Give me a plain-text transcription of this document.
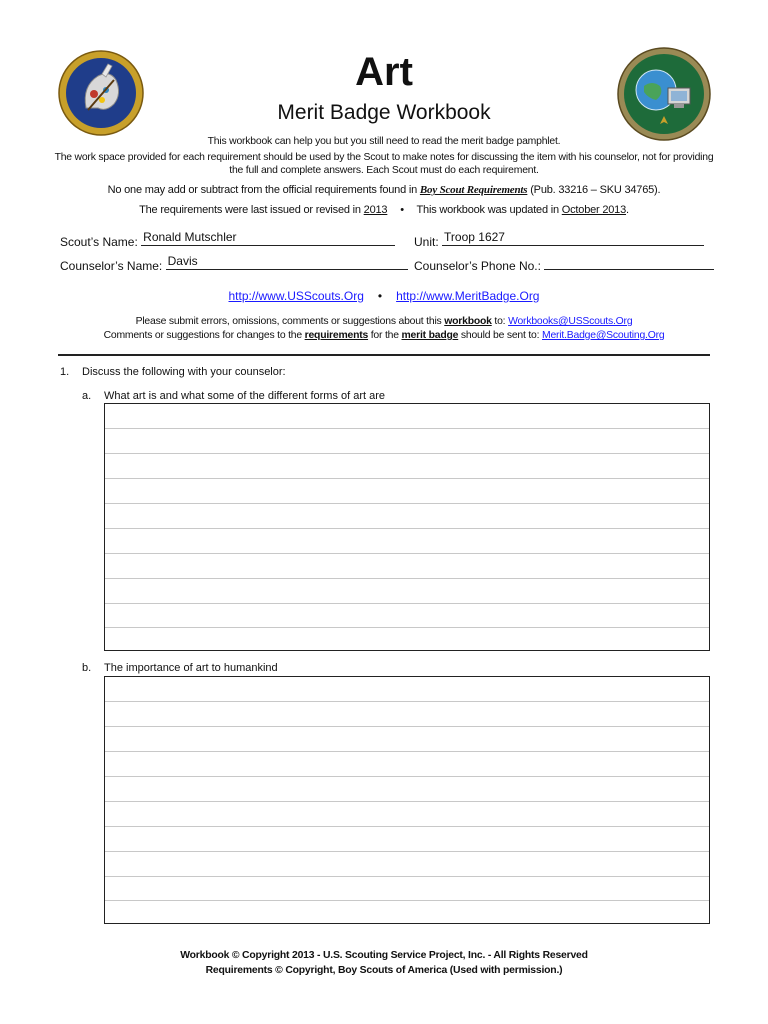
Art
Merit Badge Workbook
This workbook can help you but you still need to read the merit badge pamphlet.
The work space provided for each requirement should be used by the Scout to make notes for discussing the item with his counselor, not for providing the full and complete answers. Each Scout must do each requirement.
No one may add or subtract from the official requirements found in Boy Scout Requirements (Pub. 33216 – SKU 34765).
The requirements were last issued or revised in 2013 • This workbook was updated in October 2013.
Scout’s Name: Ronald Mutschler	Unit: Troop 1627
Counselor’s Name: Davis	Counselor’s Phone No.:
http://www.USScouts.Org • http://www.MeritBadge.Org
Please submit errors, omissions, comments or suggestions about this workbook to: Workbooks@USScouts.Org
Comments or suggestions for changes to the requirements for the merit badge should be sent to: Merit.Badge@Scouting.Org
1. Discuss the following with your counselor:
a. What art is and what some of the different forms of art are
b. The importance of art to humankind
Workbook © Copyright 2013 - U.S. Scouting Service Project, Inc. - All Rights Reserved
Requirements © Copyright, Boy Scouts of America (Used with permission.)
